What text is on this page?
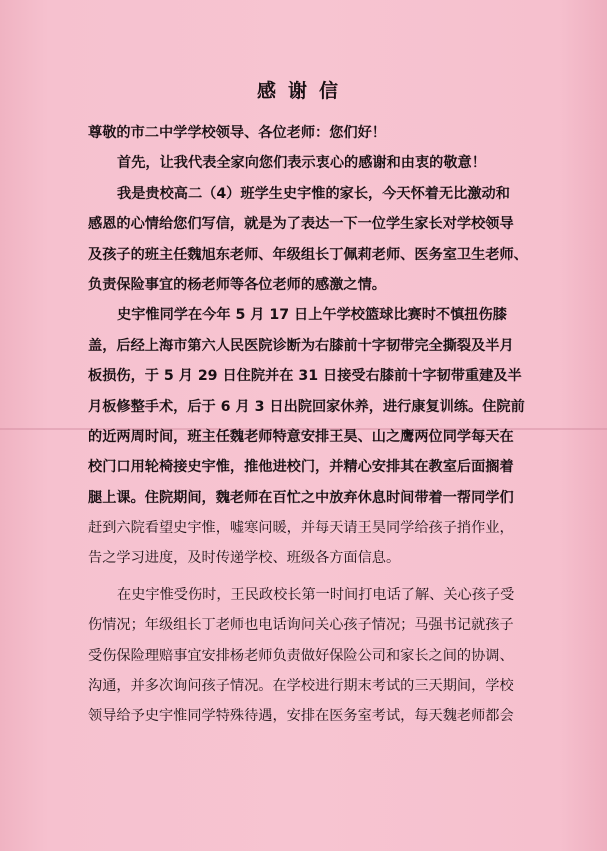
感谢信
尊敬的市二中学学校领导、各位老师：您们好！
首先，让我代表全家向您们表示衷心的感谢和由衷的敬意！
我是贵校高二（4）班学生史宇惟的家长，今天怀着无比激动和
感恩的心情给您们写信，就是为了表达一下一位学生家长对学校领导
及孩子的班主任魏旭东老师、年级组长丁佩莉老师、医务室卫生老师、
负责保险事宜的杨老师等各位老师的感激之情。
史宇惟同学在今年 5 月 17 日上午学校篮球比赛时不慎扭伤膝
盖，后经上海市第六人民医院诊断为右膝前十字韧带完全撕裂及半月
板损伤，于 5 月 29 日住院并在 31 日接受右膝前十字韧带重建及半
月板修整手术，后于 6 月 3 日出院回家休养，进行康复训练。住院前
的近两周时间，班主任魏老师特意安排王昊、山之鹰两位同学每天在
校门口用轮椅接史宇惟，推他进校门，并精心安排其在教室后面搁着
腿上课。住院期间，魏老师在百忙之中放弃休息时间带着一帮同学们
赶到六院看望史宇惟，嘘寒问暖，并每天请王昊同学给孩子捎作业，
告之学习进度，及时传递学校、班级各方面信息。
在史宇惟受伤时，王民政校长第一时间打电话了解、关心孩子受
伤情况；年级组长丁老师也电话询问关心孩子情况；马强书记就孩子
受伤保险理赔事宜安排杨老师负责做好保险公司和家长之间的协调、
沟通，并多次询问孩子情况。在学校进行期末考试的三天期间，学校
领导给予史宇惟同学特殊待遇，安排在医务室考试，每天魏老师都会
